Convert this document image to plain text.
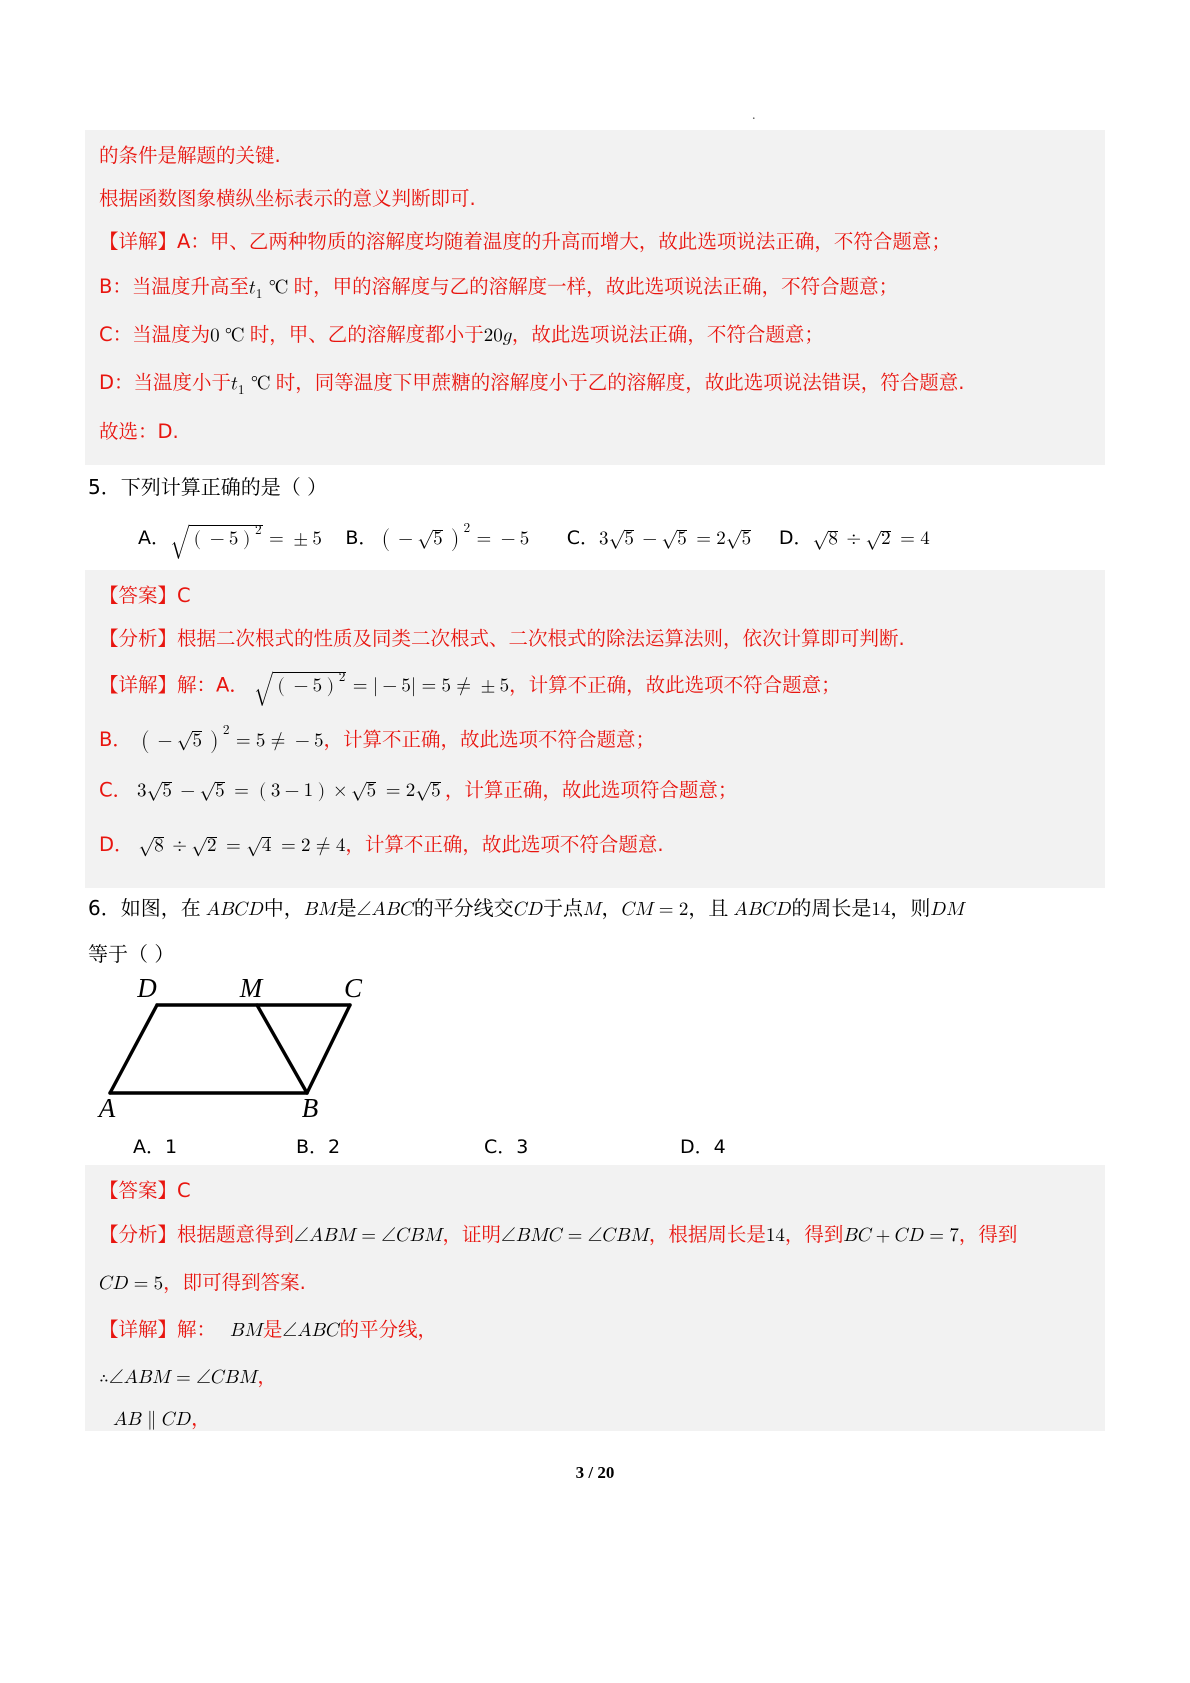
.
的条件是解题的关键.
根据函数图象横纵坐标表示的意义判断即可.
【详解】A：甲、乙两种物质的溶解度均随着温度的升高而增大，故此选项说法正确，不符合题意；
B：当温度升高至 t 1 ℃ 时，甲的溶解度与乙的溶解度一样，故此选项说法正确，不符合题意；
C：当温度为 0 ℃ 时，甲、乙的溶解度都小于 20 g ，故此选项说法正确，不符合题意；
D：当温度小于 t 1 ℃ 时，同等温度下甲蔗糖的溶解度小于乙的溶解度，故此选项说法错误，符合题意.
故选：D.
5．下列计算正确的是（ ）
A． ( − 5 )
2 = ± 5 B． ( − 5 )
2
= − 5 C． 3 5 − 5 = 2 5 D． 8 ÷ 2 = 4
【答案】C
【分析】根据二次根式的性质及同类二次根式、二次根式的除法运算法则，依次计算即可判断.
【详解】解：A． ( − 5 )
2 = | − 5 | = 5 ≠ ± 5 ，计算不正确，故此选项不符合题意；
B． ( − 5 )
2
= 5 ≠ − 5 ，计算不正确，故此选项不符合题意；
C． 3 5 − 5 = ( 3 − 1 ) × 5 = 2 5 ，计算正确，故此选项符合题意；
D． 8 ÷ 2 = 4 = 2 ≠ 4 ，计算不正确，故此选项不符合题意.
6．如图，在 A B C D 中， B M 是 ∠ A B C 的平分线交 C D 于点 M ， C M = 2 ，且 A B C D 的周长是 14 ，则 D M
等于（ ）
D	M	C
A	B
A．1	B．2	C．3	D．4
【答案】C
【分析】根据题意得到 ∠ A B M = ∠ C B M ，证明 ∠ B M C = ∠ C B M ，根据周长是 14 ，得到 B C + C D = 7 ，得到
𝐶 D = 5 ，即可得到答案.
【详解】解： B M 是 ∠ A B C 的平分线，
∴ ∠ A B M = ∠ C B M ，
𝐴 B ∥ C D ，
3 / 20
